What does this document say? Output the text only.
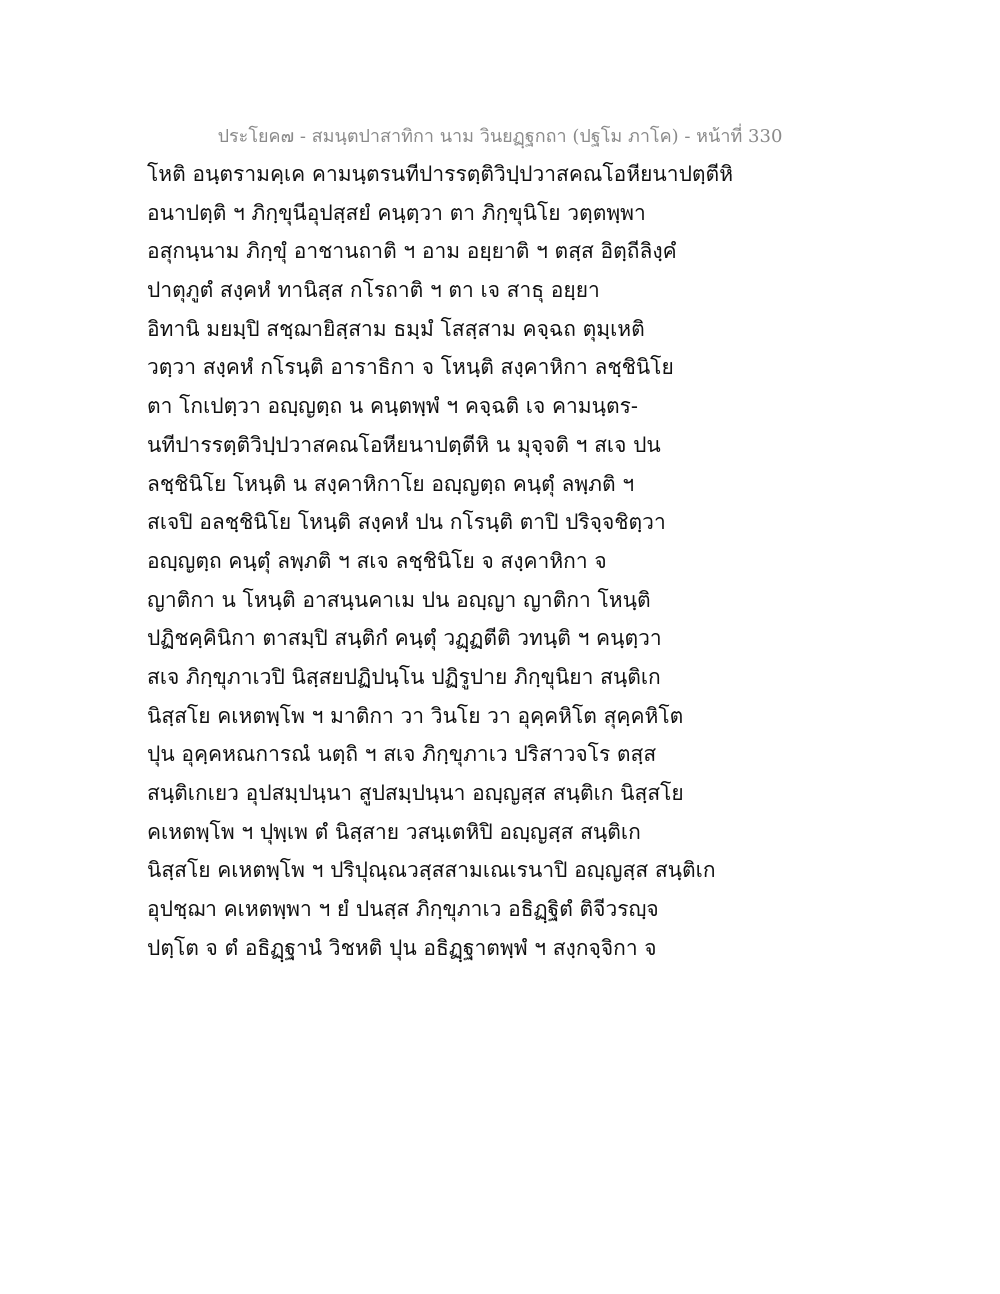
ประโยค๗ - สมนฺตปาสาทิกา นาม วินยฏฺฐกถา (ปฐโม ภาโค) - หน้าที่ 330
โหติ อนฺตรามคฺเค คามนฺตรนทีปารรตฺติวิปฺปวาสคณโอหียนาปตฺตีหิ
อนาปตฺติ ฯ ภิกฺขุนีอุปสฺสยํ คนฺตฺวา ตา ภิกฺขุนิโย วตฺตพฺพา
อสุกนฺนาม ภิกฺขุํ อาชานถาติ ฯ อาม อยฺยาติ ฯ ตสฺส อิตฺถีลิงฺคํ
ปาตุภูตํ สงฺคหํ ทานิสฺส กโรถาติ ฯ ตา เจ สาธุ อยฺยา
อิทานิ มยมฺปิ สชฺฌายิสฺสาม ธมฺมํ โสสฺสาม คจฺฉถ ตุมฺเหติ
วตฺวา สงฺคหํ กโรนฺติ อาราธิกา จ โหนฺติ สงฺคาหิกา ลชฺชินิโย
ตา โกเปตฺวา อญฺญตฺถ น คนฺตพฺพํ ฯ คจฺฉติ เจ คามนฺตร-
นทีปารรตฺติวิปฺปวาสคณโอหียนาปตฺตีหิ น มุจฺจติ ฯ สเจ ปน
ลชฺชินิโย โหนฺติ น สงฺคาหิกาโย อญฺญตฺถ คนฺตุํ ลพฺภติ ฯ
สเจปิ อลชฺชินิโย โหนฺติ สงฺคหํ ปน กโรนฺติ ตาปิ ปริจฺจชิตฺวา
อญฺญตฺถ คนฺตุํ ลพฺภติ ฯ สเจ ลชฺชินิโย จ สงฺคาหิกา จ
ญาติกา น โหนฺติ อาสนฺนคาเม ปน อญฺญา ญาติกา โหนฺติ
ปฏิชคฺคินิกา ตาสมฺปิ สนฺติกํ คนฺตุํ วฏฺฏตีติ วทนฺติ ฯ คนฺตฺวา
สเจ ภิกฺขุภาเวปิ นิสฺสยปฏิปนฺโน ปฏิรูปาย ภิกฺขุนิยา สนฺติเก
นิสฺสโย คเหตพฺโพ ฯ มาติกา วา วินโย วา อุคฺคหิโต สุคฺคหิโต
ปุน อุคฺคหณการณํ นตฺถิ ฯ สเจ ภิกฺขุภาเว ปริสาวจโร ตสฺส
สนฺติเกเยว อุปสมฺปนฺนา สูปสมฺปนฺนา อญฺญสฺส สนฺติเก นิสฺสโย
คเหตพฺโพ ฯ ปุพฺเพ ตํ นิสฺสาย วสนฺเตหิปิ อญฺญสฺส สนฺติเก
นิสฺสโย คเหตพฺโพ ฯ ปริปุณฺณวสฺสสามเณเรนาปิ อญฺญสฺส สนฺติเก
อุปชฺฌา คเหตพฺพา ฯ ยํ ปนสฺส ภิกฺขุภาเว อธิฏฺฐิตํ ติจีวรญฺจ
ปตฺโต จ ตํ อธิฏฺฐานํ วิชหติ ปุน อธิฏฺฐาตพฺพํ ฯ สงฺกจฺจิกา จ
